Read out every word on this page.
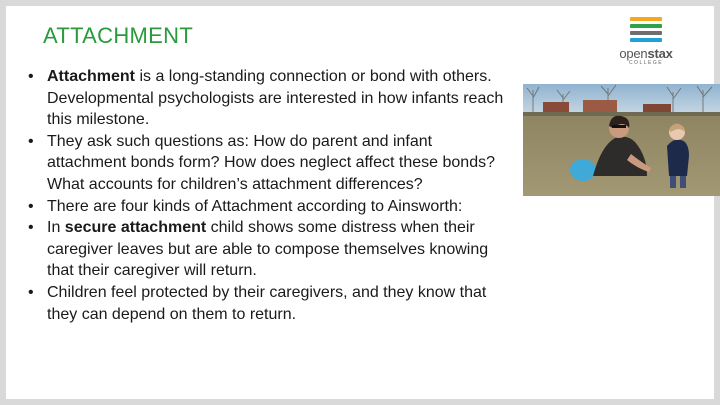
ATTACHMENT
openstax
COLLEGE
• Attachment is a long-standing connection or bond with others. Developmental psychologists are interested in how infants reach this milestone.
• They ask such questions as: How do parent and infant attachment bonds form? How does neglect affect these bonds? What accounts for children’s attachment differences?
• There are four kinds of Attachment according to Ainsworth:
• In secure attachment child shows some distress when their caregiver leaves but are able to compose themselves knowing that their caregiver will return.
• Children feel protected by their caregivers, and they know that they can depend on them to return.
